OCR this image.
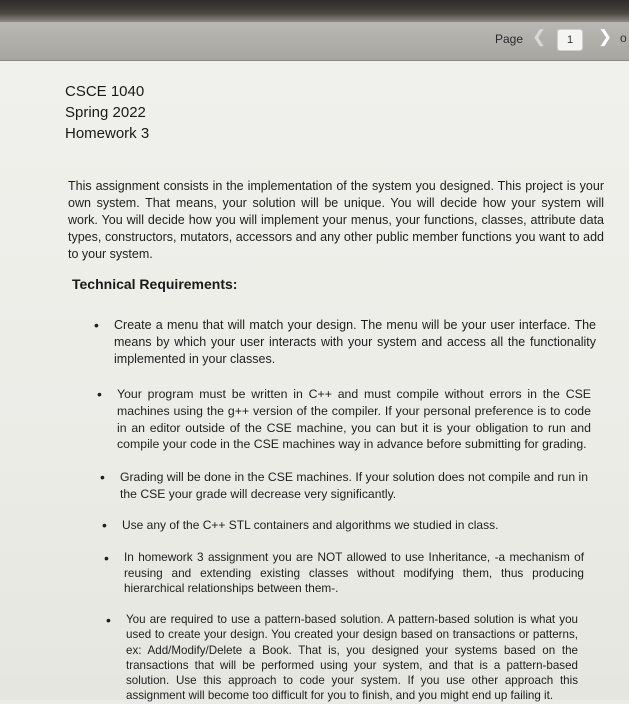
Page ❮	1	❯ o
CSCE 1040
Spring 2022
Homework 3

This assignment consists in the implementation of the system you designed. This project is your own system. That means, your solution will be unique. You will decide how your system will work. You will decide how you will implement your menus, your functions, classes, attribute data types, constructors, mutators, accessors and any other public member functions you want to add to your system.

Technical Requirements:
• Create a menu that will match your design. The menu will be your user interface. The means by which your user interacts with your system and access all the functionality implemented in your classes.
• Your program must be written in C++ and must compile without errors in the CSE machines using the g++ version of the compiler. If your personal preference is to code in an editor outside of the CSE machine, you can but it is your obligation to run and compile your code in the CSE machines way in advance before submitting for grading.
• Grading will be done in the CSE machines. If your solution does not compile and run in the CSE your grade will decrease very significantly.
• Use any of the C++ STL containers and algorithms we studied in class.
• In homework 3 assignment you are NOT allowed to use Inheritance, -a mechanism of reusing and extending existing classes without modifying them, thus producing hierarchical relationships between them-.
• You are required to use a pattern-based solution. A pattern-based solution is what you used to create your design. You created your design based on transactions or patterns, ex: Add/Modify/Delete a Book. That is, you designed your systems based on the transactions that will be performed using your system, and that is a pattern-based solution. Use this approach to code your system. If you use other approach this assignment will become too difficult for you to finish, and you might end up failing it.
